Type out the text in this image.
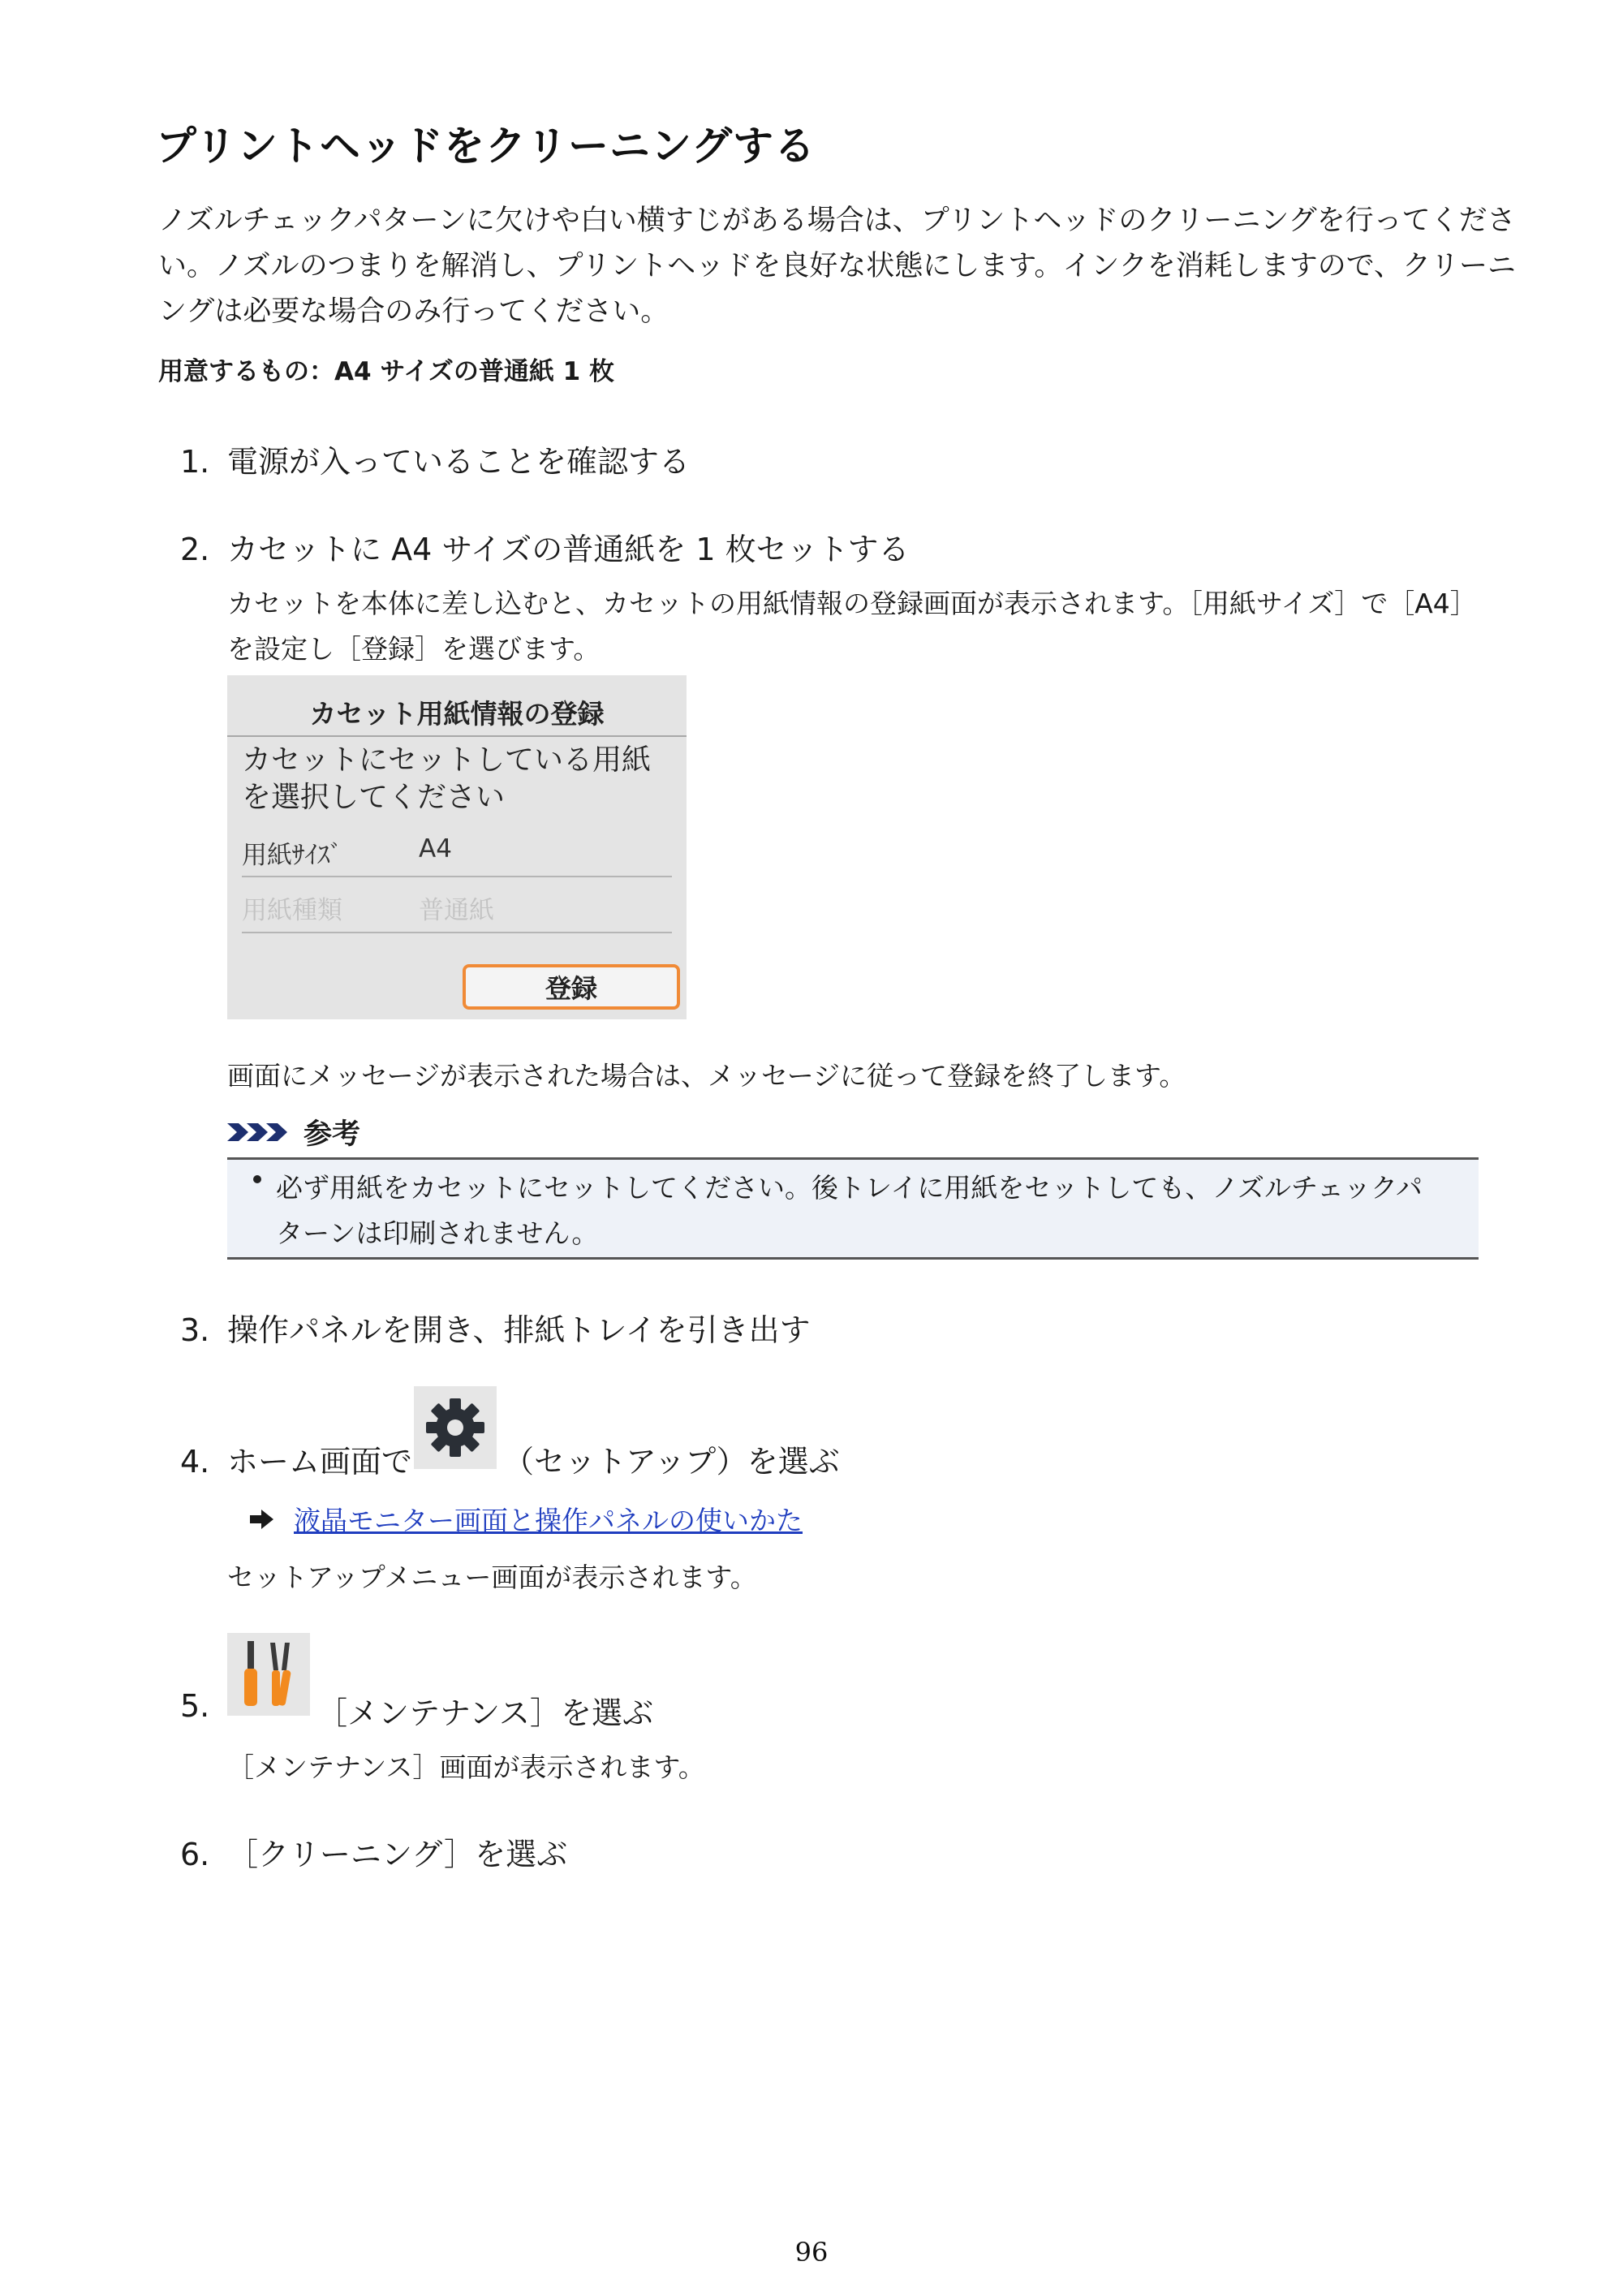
プリントヘッドをクリーニングする
ノズルチェックパターンに欠けや白い横すじがある場合は、プリントヘッドのクリーニングを行ってくださ
い。ノズルのつまりを解消し、プリントヘッドを良好な状態にします。インクを消耗しますので、クリーニ
ングは必要な場合のみ行ってください。
用意するもの：A4 サイズの普通紙 1 枚
1. 電源が入っていることを確認する
2. カセットに A4 サイズの普通紙を 1 枚セットする
カセットを本体に差し込むと、カセットの用紙情報の登録画面が表示されます。［用紙サイズ］で［A4］
を設定し［登録］を選びます。
カセット用紙情報の登録
カセットにセットしている用紙
を選択してください
用紙ｻｲｽﾞ	A4
用紙種類	普通紙
登録
画面にメッセージが表示された場合は、メッセージに従って登録を終了します。
参考
必ず用紙をカセットにセットしてください。後トレイに用紙をセットしても、ノズルチェックパ
ターンは印刷されません。
3. 操作パネルを開き、排紙トレイを引き出す
4. ホーム画面で	（セットアップ）を選ぶ
液晶モニター画面と操作パネルの使いかた
セットアップメニュー画面が表示されます。
5.	［メンテナンス］を選ぶ
［メンテナンス］画面が表示されます。
6. ［クリーニング］を選ぶ
96
